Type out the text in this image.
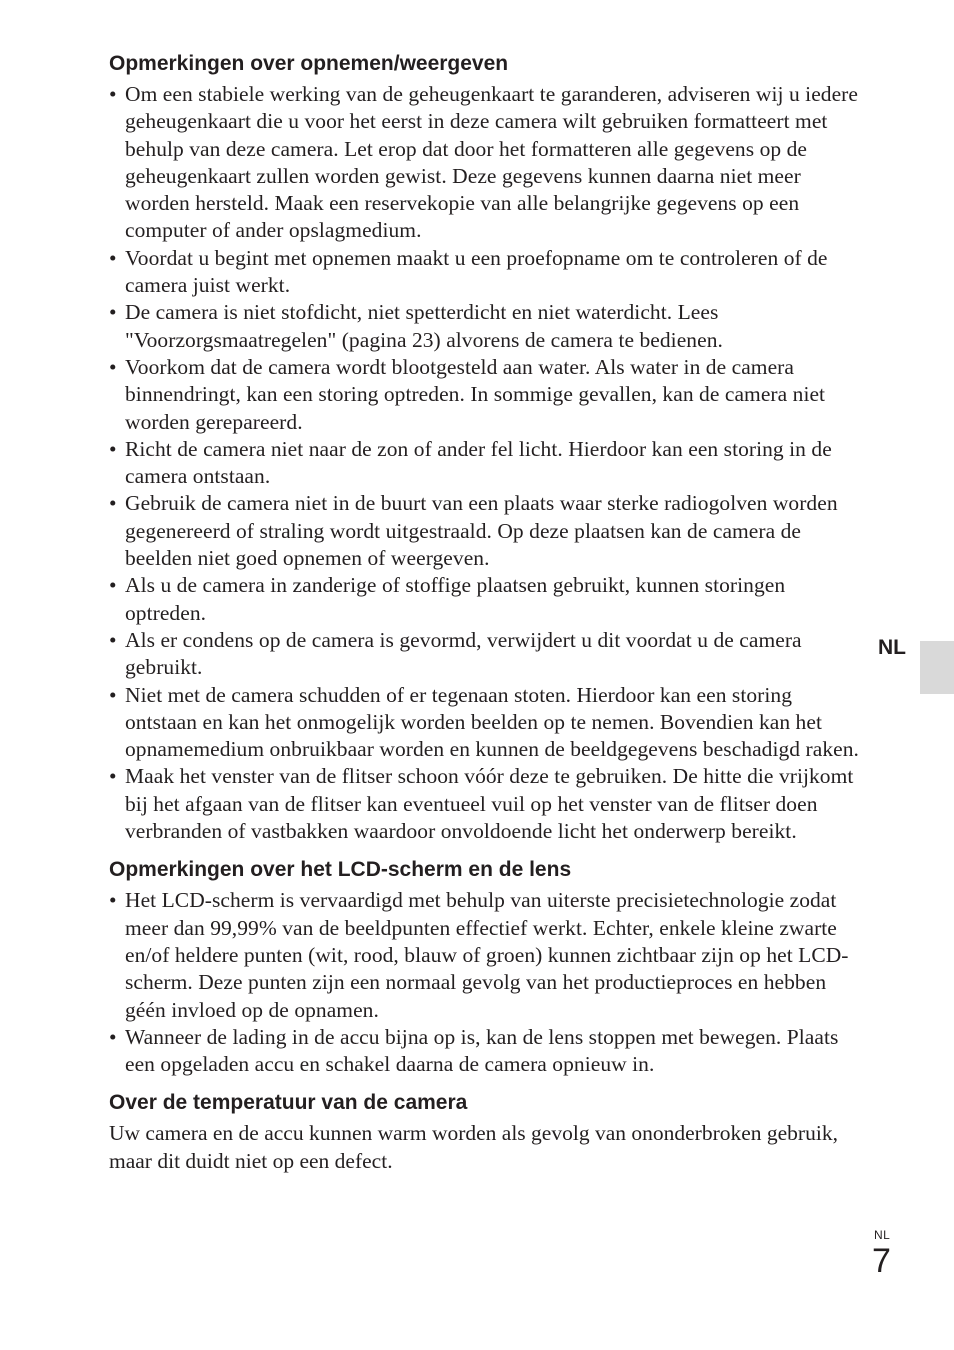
Opmerkingen over opnemen/weergeven
• Om een stabiele werking van de geheugenkaart te garanderen, adviseren wij u iedere geheugenkaart die u voor het eerst in deze camera wilt gebruiken formatteert met behulp van deze camera. Let erop dat door het formatteren alle gegevens op de geheugenkaart zullen worden gewist. Deze gegevens kunnen daarna niet meer worden hersteld. Maak een reservekopie van alle belangrijke gegevens op een computer of ander opslagmedium.
• Voordat u begint met opnemen maakt u een proefopname om te controleren of de camera juist werkt.
• De camera is niet stofdicht, niet spetterdicht en niet waterdicht. Lees "Voorzorgsmaatregelen" (pagina 23) alvorens de camera te bedienen.
• Voorkom dat de camera wordt blootgesteld aan water. Als water in de camera binnendringt, kan een storing optreden. In sommige gevallen, kan de camera niet worden gerepareerd.
• Richt de camera niet naar de zon of ander fel licht. Hierdoor kan een storing in de camera ontstaan.
• Gebruik de camera niet in de buurt van een plaats waar sterke radiogolven worden gegenereerd of straling wordt uitgestraald. Op deze plaatsen kan de camera de beelden niet goed opnemen of weergeven.
• Als u de camera in zanderige of stoffige plaatsen gebruikt, kunnen storingen optreden.
• Als er condens op de camera is gevormd, verwijdert u dit voordat u de camera gebruikt.
• Niet met de camera schudden of er tegenaan stoten. Hierdoor kan een storing ontstaan en kan het onmogelijk worden beelden op te nemen. Bovendien kan het opnamemedium onbruikbaar worden en kunnen de beeldgegevens beschadigd raken.
• Maak het venster van de flitser schoon vóór deze te gebruiken. De hitte die vrijkomt bij het afgaan van de flitser kan eventueel vuil op het venster van de flitser doen verbranden of vastbakken waardoor onvoldoende licht het onderwerp bereikt.
Opmerkingen over het LCD-scherm en de lens
• Het LCD-scherm is vervaardigd met behulp van uiterste precisietechnologie zodat meer dan 99,99% van de beeldpunten effectief werkt. Echter, enkele kleine zwarte en/of heldere punten (wit, rood, blauw of groen) kunnen zichtbaar zijn op het LCD-scherm. Deze punten zijn een normaal gevolg van het productieproces en hebben géén invloed op de opnamen.
• Wanneer de lading in de accu bijna op is, kan de lens stoppen met bewegen. Plaats een opgeladen accu en schakel daarna de camera opnieuw in.
Over de temperatuur van de camera

Uw camera en de accu kunnen warm worden als gevolg van ononderbroken gebruik, maar dit duidt niet op een defect.

NL
NL
7
